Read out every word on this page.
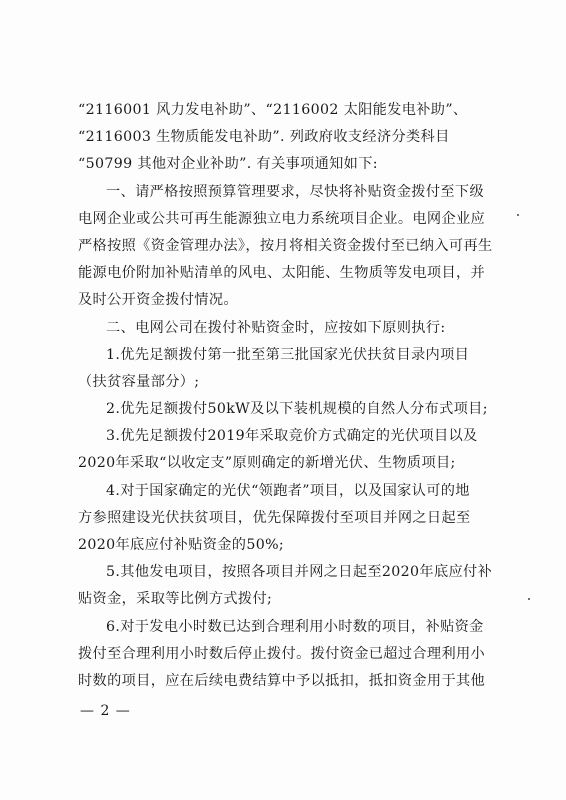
“2116001 风力发电补助”、“2116002 太阳能发电补助”、
“2116003 生物质能发电补助”. 列政府收支经济分类科目
“50799 其他对企业补助”. 有关事项通知如下:
一、请严格按照预算管理要求，尽快将补贴资金拨付至下级
电网企业或公共可再生能源独立电力系统项目企业。电网企业应
严格按照《资金管理办法》，按月将相关资金拨付至已纳入可再生
能源电价附加补贴清单的风电、太阳能、生物质等发电项目，并
及时公开资金拨付情况。
二、电网公司在拨付补贴资金时，应按如下原则执行:
1.优先足额拨付第一批至第三批国家光伏扶贫目录内项目
（扶贫容量部分）;
2.优先足额拨付50kW及以下装机规模的自然人分布式项目;
3.优先足额拨付2019年采取竞价方式确定的光伏项目以及
2020年采取“以收定支”原则确定的新增光伏、生物质项目;
4.对于国家确定的光伏“领跑者”项目，以及国家认可的地
方参照建设光伏扶贫项目，优先保障拨付至项目并网之日起至
2020年底应付补贴资金的50%;
5.其他发电项目，按照各项目并网之日起至2020年底应付补
贴资金，采取等比例方式拨付;
6.对于发电小时数已达到合理利用小时数的项目，补贴资金
拨付至合理利用小时数后停止拨付。拨付资金已超过合理利用小
时数的项目，应在后续电费结算中予以抵扣，抵扣资金用于其他
— 2 —
